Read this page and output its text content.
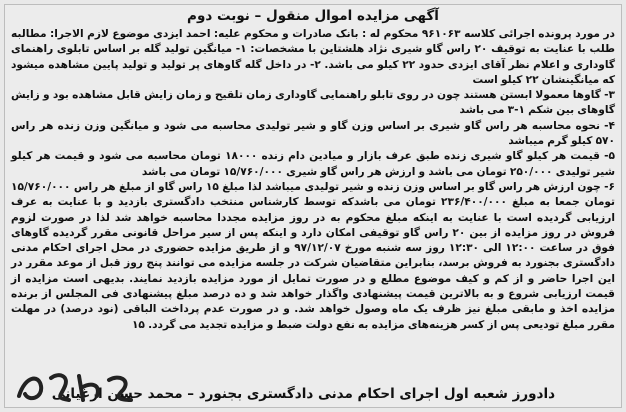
آگهی مزایده اموال منقول – نوبت دوم

در مورد پرونده اجرائی کلاسه ۹۶۱۰۶۳ محکوم له : بانک صادرات و محکوم علیه: احمد ایزدی موضوع لازم الاجرا: مطالبه طلب با عنایت به توقیف ۲۰ راس گاو شیری نژاد هلشتاین با مشخصات: ۱- میانگین تولید گله بر اساس تابلوی راهنمای گاوداری و اعلام نظر آقای ایزدی حدود ۲۲ کیلو می باشد. ۲- در داخل گله گاوهای پر تولید و تولید پایین مشاهده میشود که میانگینشان ۲۲ کیلو است

۳- گاوها معمولا ابستن هستند چون در روی تابلو راهنمایی گاوداری زمان تلقیح و زمان زایش قابل مشاهده بود و زایش گاوهای بین شکم ۱-۳ می باشد

۴- نحوه محاسبه هر راس گاو شیری بر اساس وزن گاو و شیر تولیدی محاسبه می شود و میانگین وزن زنده هر راس ۵۷۰ کیلو گرم میباشد

۵- قیمت هر کیلو گاو شیری زنده طبق عرف بازار و میادین دام زنده ۱۸۰۰۰ تومان محاسبه می شود و قیمت هر کیلو شیر تولیدی ۲۵۰/۰۰۰ تومان می باشد و ارزش هر راس گاو شیری ۱۵/۷۶۰/۰۰۰ تومان می باشد

۶- چون ارزش هر راس گاو بر اساس وزن زنده و شیر تولیدی میباشد لذا مبلغ ۱۵ راس گاو از مبلغ هر راس ۱۵/۷۶۰/۰۰۰ تومان جمعا به مبلغ ۲۳۶/۴۰۰/۰۰۰ تومان می باشدکه توسط کارشناس منتخب دادگستری بازدید و با عنایت به عرف ارزیابی گردیده است با عنایت به اینکه مبلغ محکوم به در روز مزایده مجددا محاسبه خواهد شد لذا در صورت لزوم فروش در روز مزایده از بین ۲۰ راس گاو توقیفی امکان دارد و اینکه پس از سیر مراحل قانونی مقرر گردیده گاوهای فوق در ساعت ۱۲:۰۰ الی ۱۲:۳۰ روز سه شنبه مورخ ۹۷/۱۲/۰۷ و از طریق مزایده حضوری در محل اجرای احکام مدنی دادگستری بجنورد به فروش برسد، بنابراین متقاضیان شرکت در جلسه مزایده می توانند پنج روز قبل از موعد مقرر در این اجرا حاضر و از کم و کیف موضوع مطلع و در صورت تمایل از مورد مزایده بازدید نمایند. بدیهی است مزایده از قیمت ارزیابی شروع و به بالاترین قیمت پیشنهادی واگذار خواهد شد و ده درصد مبلغ پیشنهادی فی المجلس از برنده مزایده اخذ و مابقی مبلغ نیز ظرف یک ماه وصول خواهد شد. و در صورت عدم پرداخت الباقی (نود درصد) در مهلت مقرر مبلغ تودیعی پس از کسر هزینه‌های مزایده به نفع دولت ضبط و مزایده تجدید می گردد. ۱۵

دادورز شعبه اول اجرای احکام مدنی دادگستری بجنورد – محمد حسن ارغیانی
